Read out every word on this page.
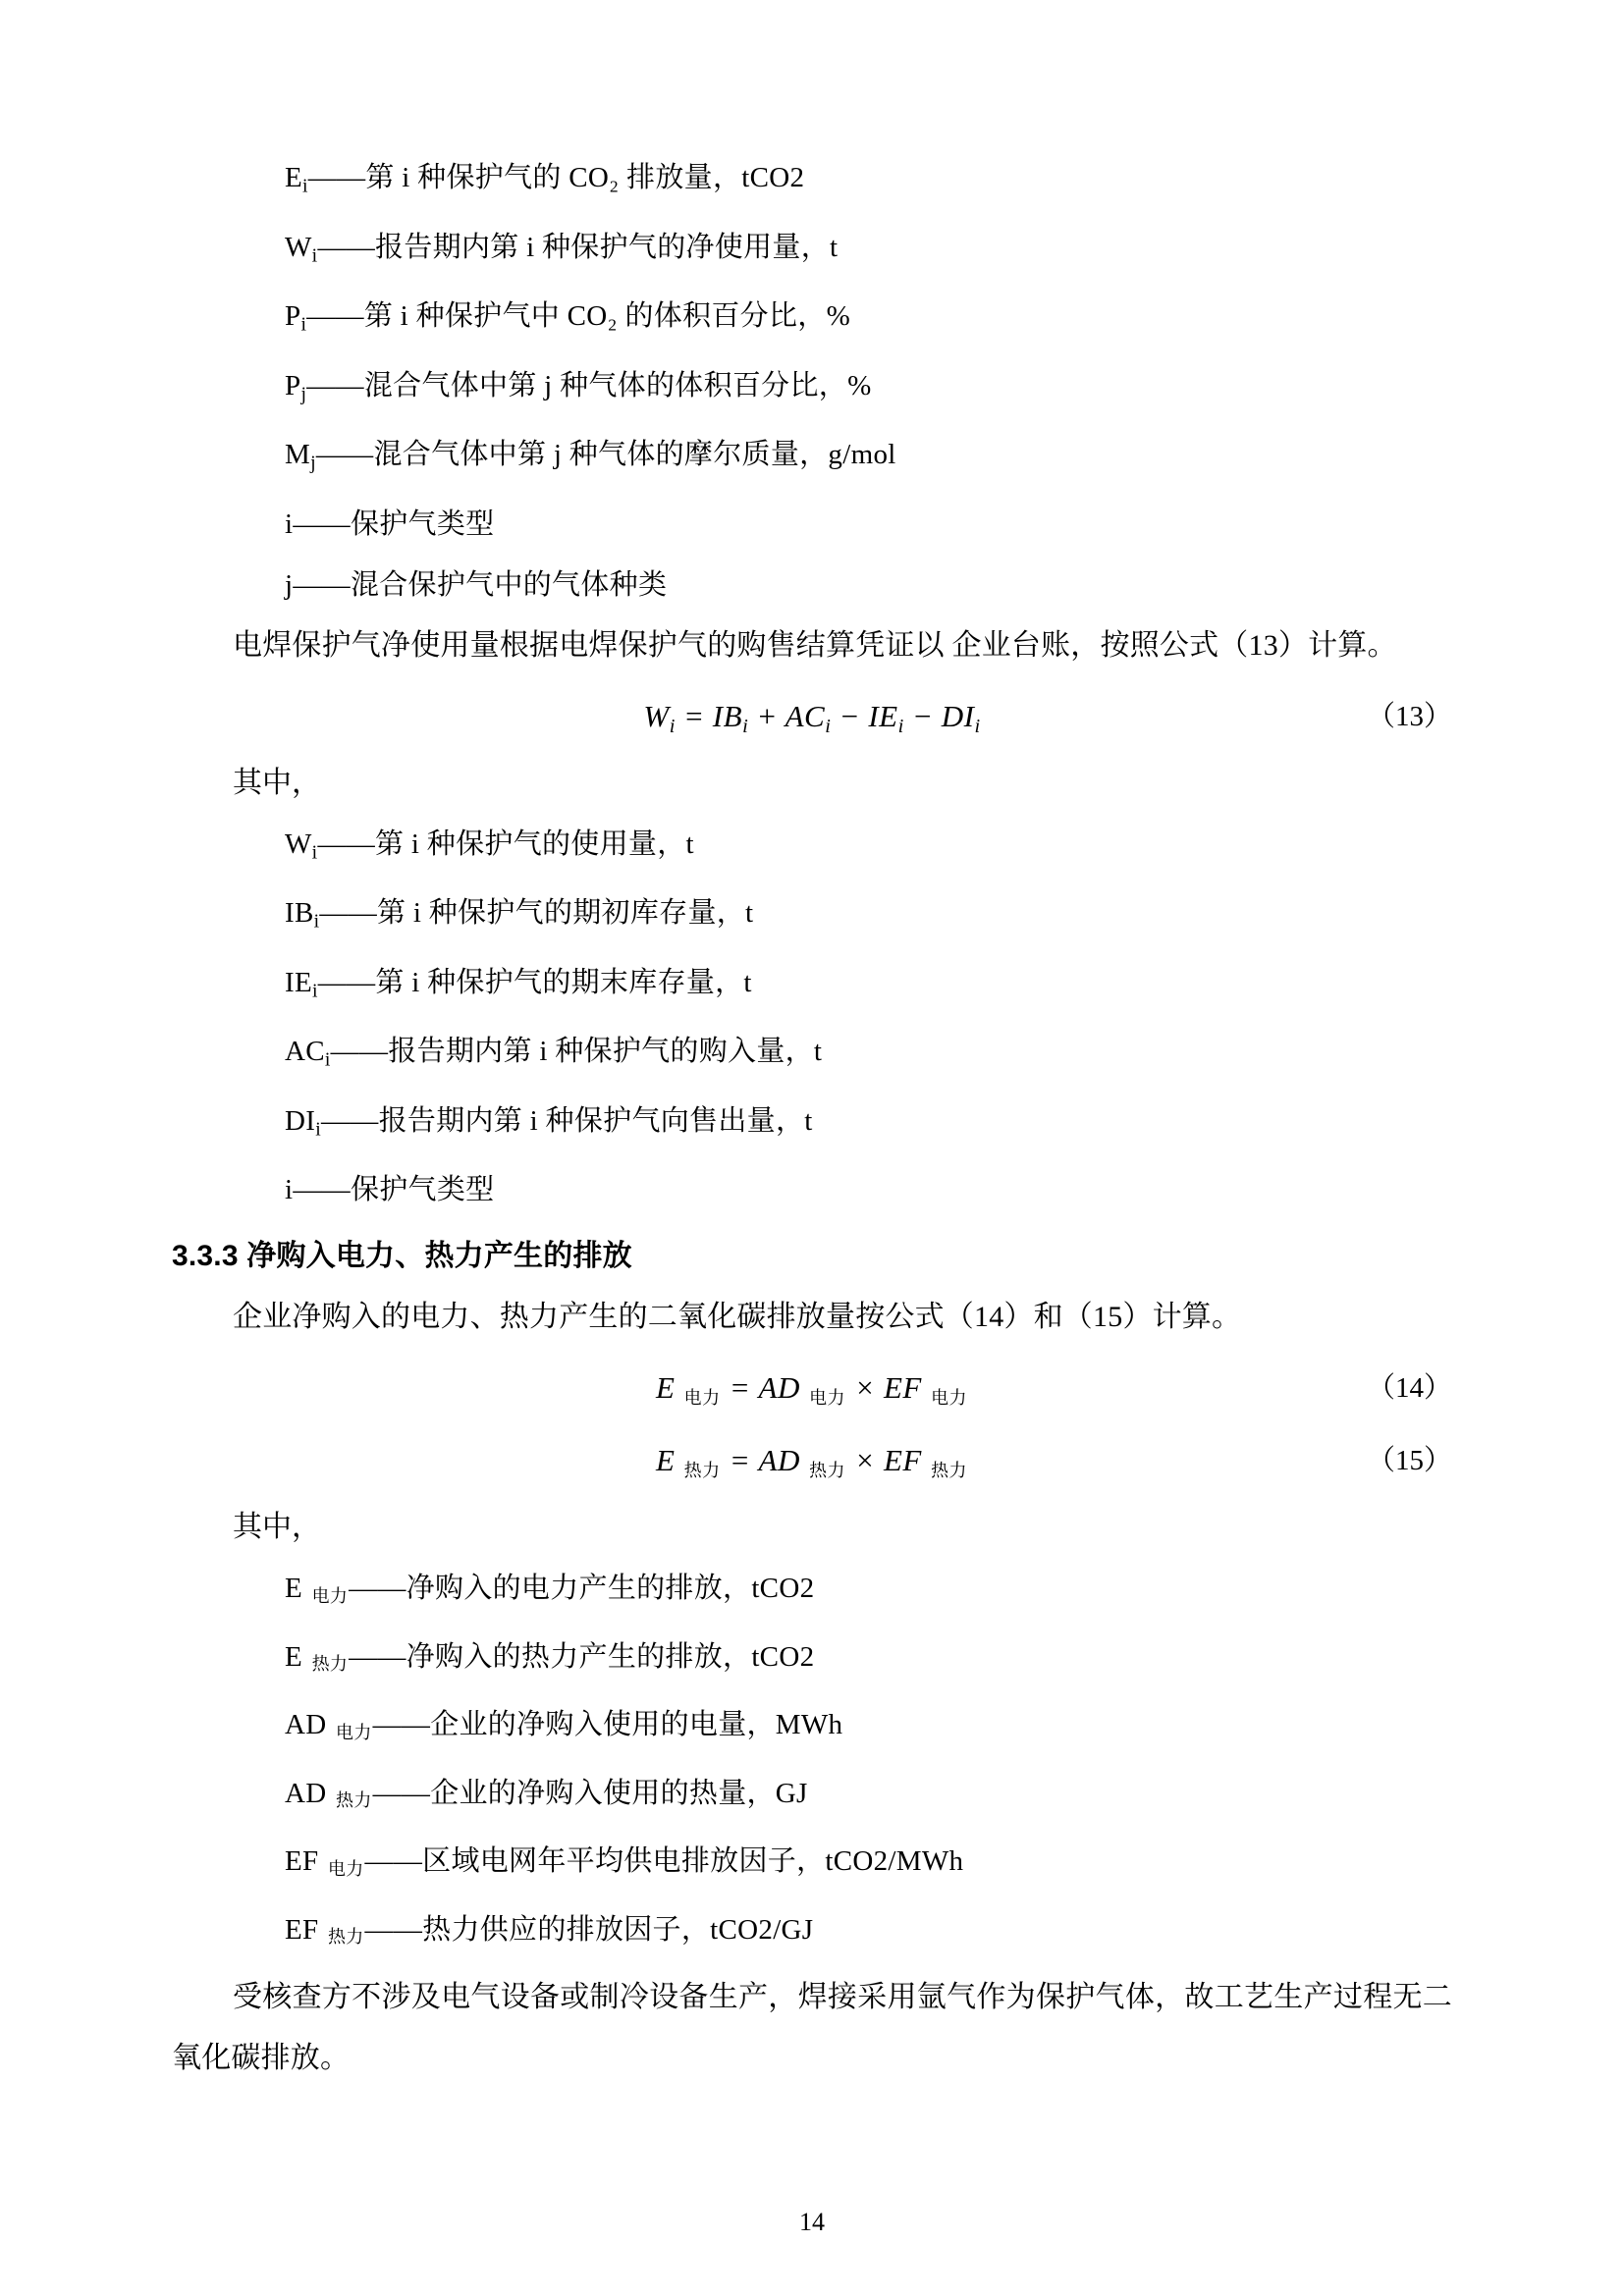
$E_i——$第 i 种保护气的 CO₂ 排放量，tCO2
$W_i——$报告期内第 i 种保护气的净使用量，t
$P_i——$第 i 种保护气中 CO₂ 的体积百分比，%
$P_j——$混合气体中第 j 种气体的体积百分比，%
$M_j——$混合气体中第 j 种气体的摩尔质量，g/mol
i——保护气类型
j——混合保护气中的气体种类

电焊保护气净使用量根据电焊保护气的购售结算凭证以 企业台账，按照公式（13）计算。

Wi = IBi + ACi − IEi − DIi	（13）

其中，

$W_i——$第 i 种保护气的使用量，t
$IB_i——$第 i 种保护气的期初库存量，t
$IE_i——$第 i 种保护气的期末库存量，t
$AC_i——$报告期内第 i 种保护气的购入量，t
$DI_i——$报告期内第 i 种保护气向售出量，t
i——保护气类型
3.3.3 净购入电力、热力产生的排放

企业净购入的电力、热力产生的二氧化碳排放量按公式（14）和（15）计算。

E 电力 = AD 电力 × EF 电力	（14）
E 热力 = AD 热力 × EF 热力	（15）

其中，

E 电力——净购入的电力产生的排放，tCO2
E 热力——净购入的热力产生的排放，tCO2
AD 电力——企业的净购入使用的电量，MWh
AD 热力——企业的净购入使用的热量，GJ
EF 电力——区域电网年平均供电排放因子，tCO2/MWh
EF 热力——热力供应的排放因子，tCO2/GJ

受核查方不涉及电气设备或制冷设备生产，焊接采用氩气作为保护气体，故工艺生产过程无二氧化碳排放。

14
